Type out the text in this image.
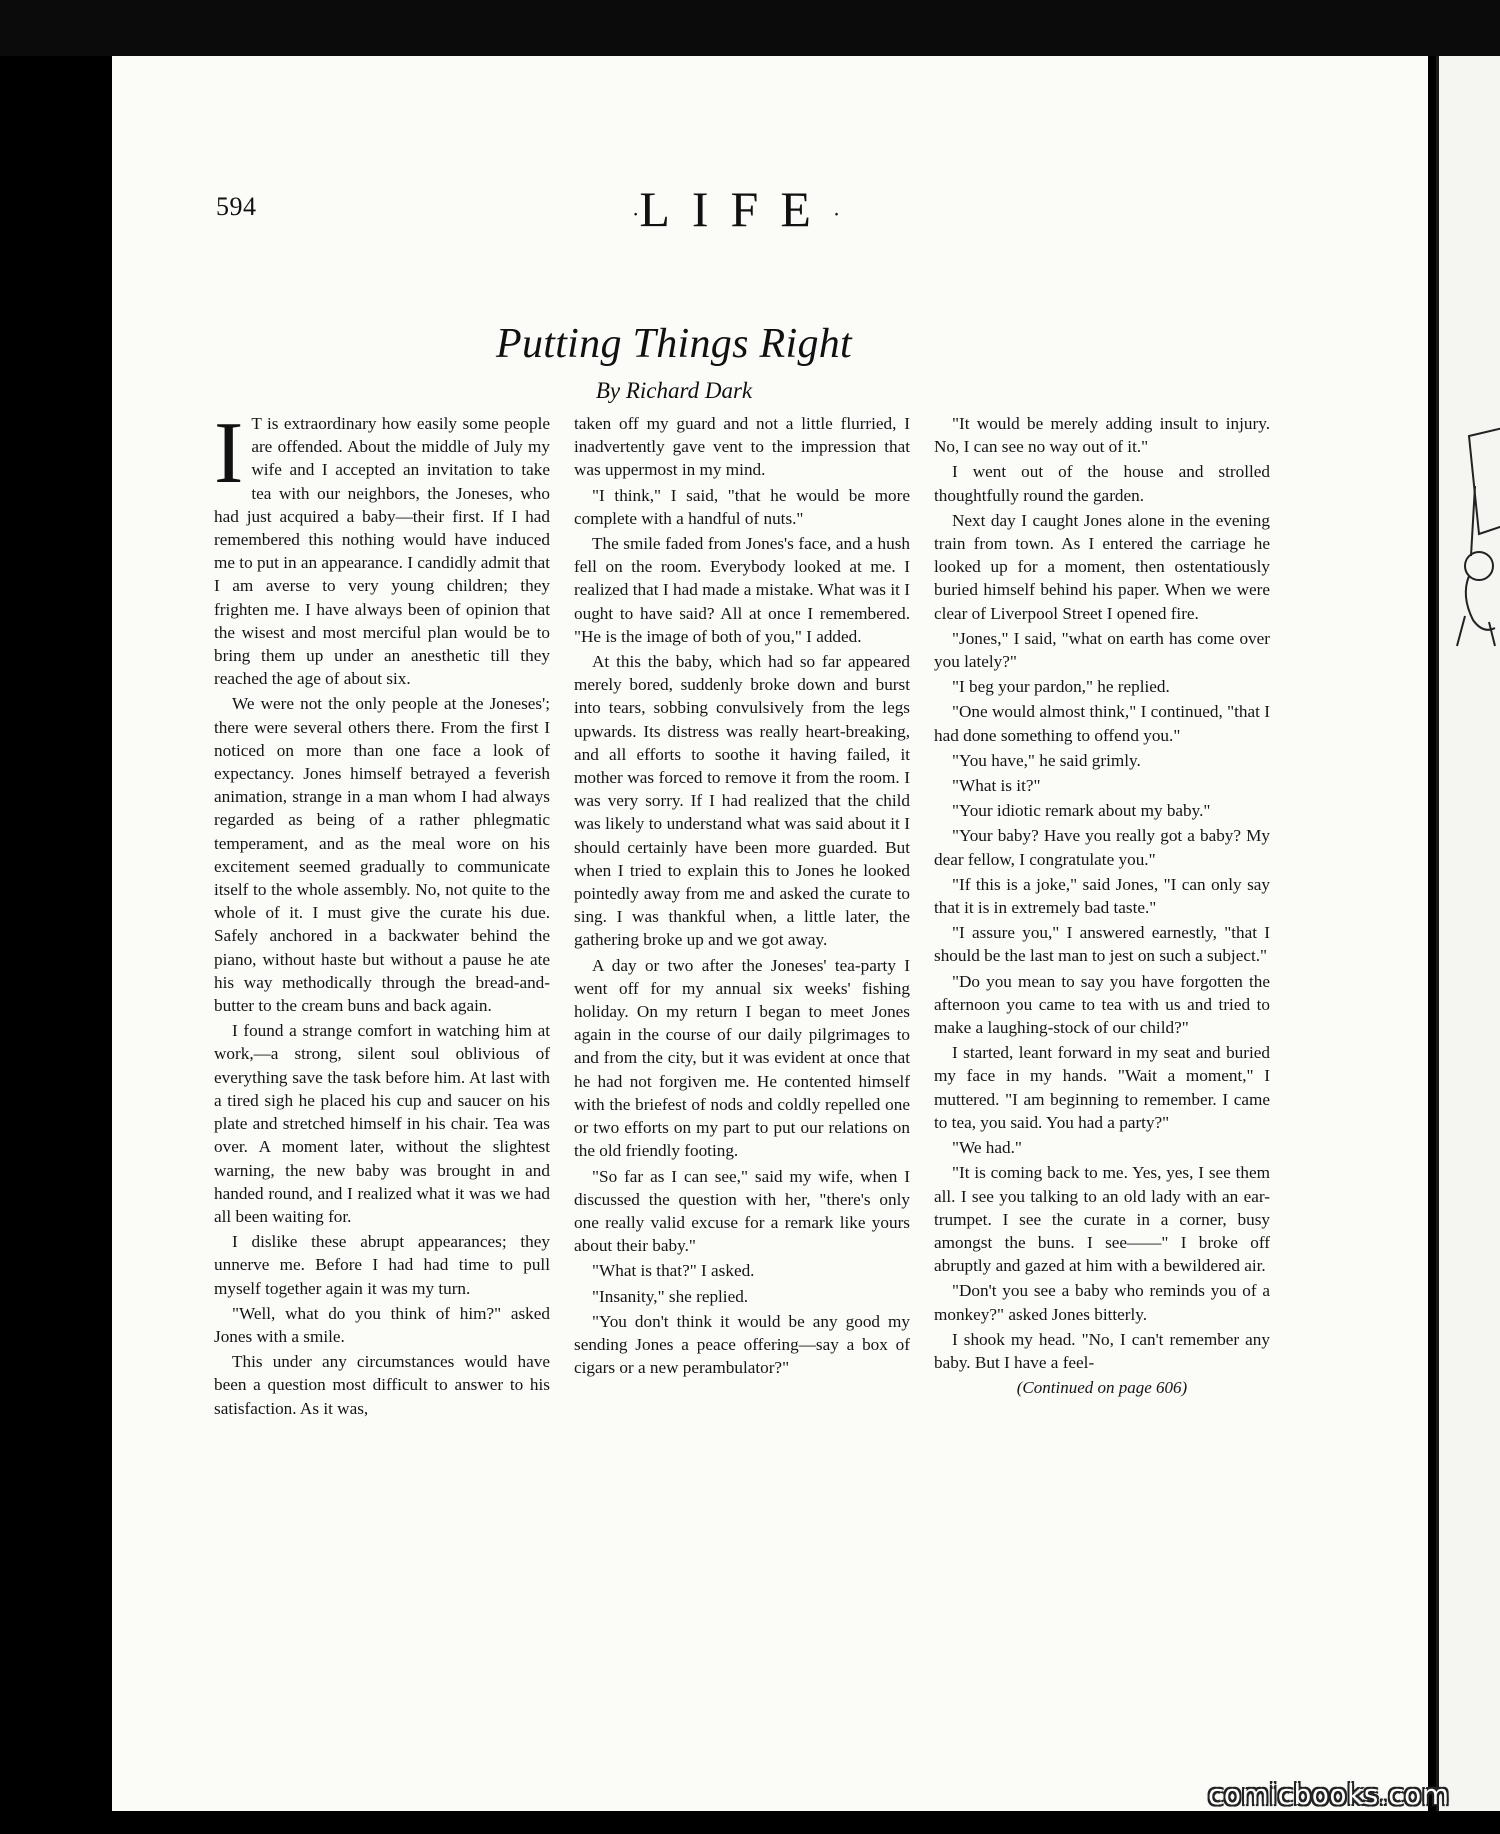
594	·LIFE·
Putting Things Right

By Richard Dark

I T is extraordinary how easily some people are offended. About the middle of July my wife and I accepted an invitation to take tea with our neighbors, the Joneses, who had just acquired a baby—their first. If I had remembered this nothing would have induced me to put in an appearance. I candidly admit that I am averse to very young children; they frighten me. I have always been of opinion that the wisest and most merciful plan would be to bring them up under an anesthetic till they reached the age of about six.

We were not the only people at the Joneses'; there were several others there. From the first I noticed on more than one face a look of expectancy. Jones himself betrayed a feverish animation, strange in a man whom I had always regarded as being of a rather phlegmatic temperament, and as the meal wore on his excitement seemed gradually to communicate itself to the whole assembly. No, not quite to the whole of it. I must give the curate his due. Safely anchored in a backwater behind the piano, without haste but without a pause he ate his way methodically through the bread-and-butter to the cream buns and back again.

I found a strange comfort in watching him at work,—a strong, silent soul oblivious of everything save the task before him. At last with a tired sigh he placed his cup and saucer on his plate and stretched himself in his chair. Tea was over. A moment later, without the slightest warning, the new baby was brought in and handed round, and I realized what it was we had all been waiting for.

I dislike these abrupt appearances; they unnerve me. Before I had had time to pull myself together again it was my turn.

"Well, what do you think of him?" asked Jones with a smile.

This under any circumstances would have been a question most difficult to answer to his satisfaction. As it was,

taken off my guard and not a little flurried, I inadvertently gave vent to the impression that was uppermost in my mind.

"I think," I said, "that he would be more complete with a handful of nuts."

The smile faded from Jones's face, and a hush fell on the room. Everybody looked at me. I realized that I had made a mistake. What was it I ought to have said? All at once I remembered. "He is the image of both of you," I added.

At this the baby, which had so far appeared merely bored, suddenly broke down and burst into tears, sobbing convulsively from the legs upwards. Its distress was really heart-breaking, and all efforts to soothe it having failed, it mother was forced to remove it from the room. I was very sorry. If I had realized that the child was likely to understand what was said about it I should certainly have been more guarded. But when I tried to explain this to Jones he looked pointedly away from me and asked the curate to sing. I was thankful when, a little later, the gathering broke up and we got away.

A day or two after the Joneses' tea-party I went off for my annual six weeks' fishing holiday. On my return I began to meet Jones again in the course of our daily pilgrimages to and from the city, but it was evident at once that he had not forgiven me. He contented himself with the briefest of nods and coldly repelled one or two efforts on my part to put our relations on the old friendly footing.

"So far as I can see," said my wife, when I discussed the question with her, "there's only one really valid excuse for a remark like yours about their baby."

"What is that?" I asked.

"Insanity," she replied.

"You don't think it would be any good my sending Jones a peace offering—say a box of cigars or a new perambulator?"

"It would be merely adding insult to injury. No, I can see no way out of it."

I went out of the house and strolled thoughtfully round the garden.

Next day I caught Jones alone in the evening train from town. As I entered the carriage he looked up for a moment, then ostentatiously buried himself behind his paper. When we were clear of Liverpool Street I opened fire.

"Jones," I said, "what on earth has come over you lately?"

"I beg your pardon," he replied.

"One would almost think," I continued, "that I had done something to offend you."

"You have," he said grimly.

"What is it?"

"Your idiotic remark about my baby."

"Your baby? Have you really got a baby? My dear fellow, I congratulate you."

"If this is a joke," said Jones, "I can only say that it is in extremely bad taste."

"I assure you," I answered earnestly, "that I should be the last man to jest on such a subject."

"Do you mean to say you have forgotten the afternoon you came to tea with us and tried to make a laughing-stock of our child?"

I started, leant forward in my seat and buried my face in my hands. "Wait a moment," I muttered. "I am beginning to remember. I came to tea, you said. You had a party?"

"We had."

"It is coming back to me. Yes, yes, I see them all. I see you talking to an old lady with an ear-trumpet. I see the curate in a corner, busy amongst the buns. I see——" I broke off abruptly and gazed at him with a bewildered air.

"Don't you see a baby who reminds you of a monkey?" asked Jones bitterly.

I shook my head. "No, I can't remember any baby. But I have a feel-

(Continued on page 606)
comicbooks.com
